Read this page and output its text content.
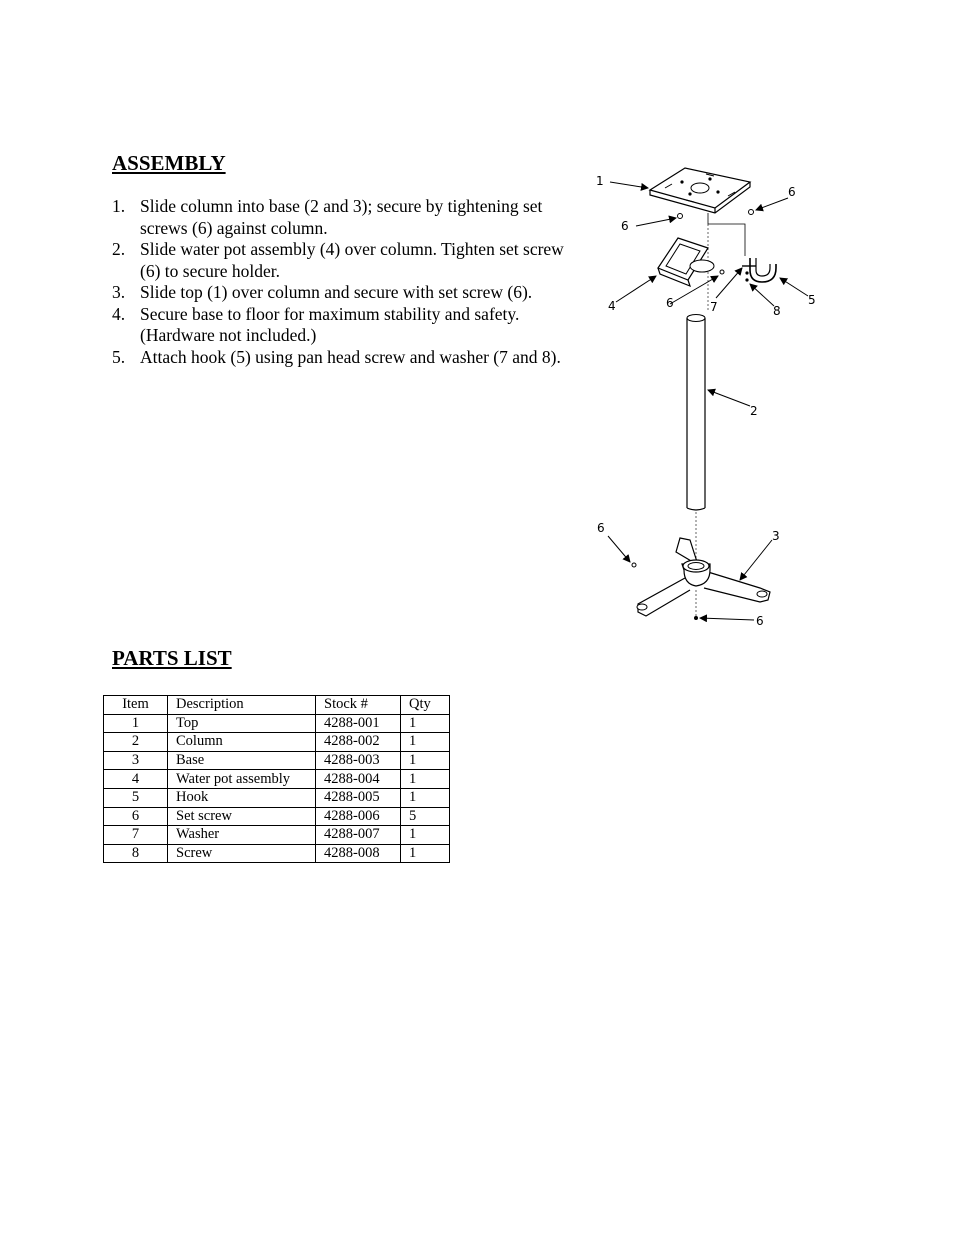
ASSEMBLY
1. Slide column into base (2 and 3); secure by tightening set screws (6) against column.
2. Slide water pot assembly (4) over column. Tighten set screw (6) to secure holder.
3. Slide top (1) over column and secure with set screw (6).
4. Secure base to floor for maximum stability and safety. (Hardware not included.)
5. Attach hook (5) using pan head screw and washer (7 and 8).
1
6
6
4	6	7	8
5
2
3
6
6
PARTS LIST
Item	Description	Stock #	Qty
1	Top	4288-001	1
2	Column	4288-002	1
3	Base	4288-003	1
4	Water pot assembly	4288-004	1
5	Hook	4288-005	1
6	Set screw	4288-006	5
7	Washer	4288-007	1
8	Screw	4288-008	1
